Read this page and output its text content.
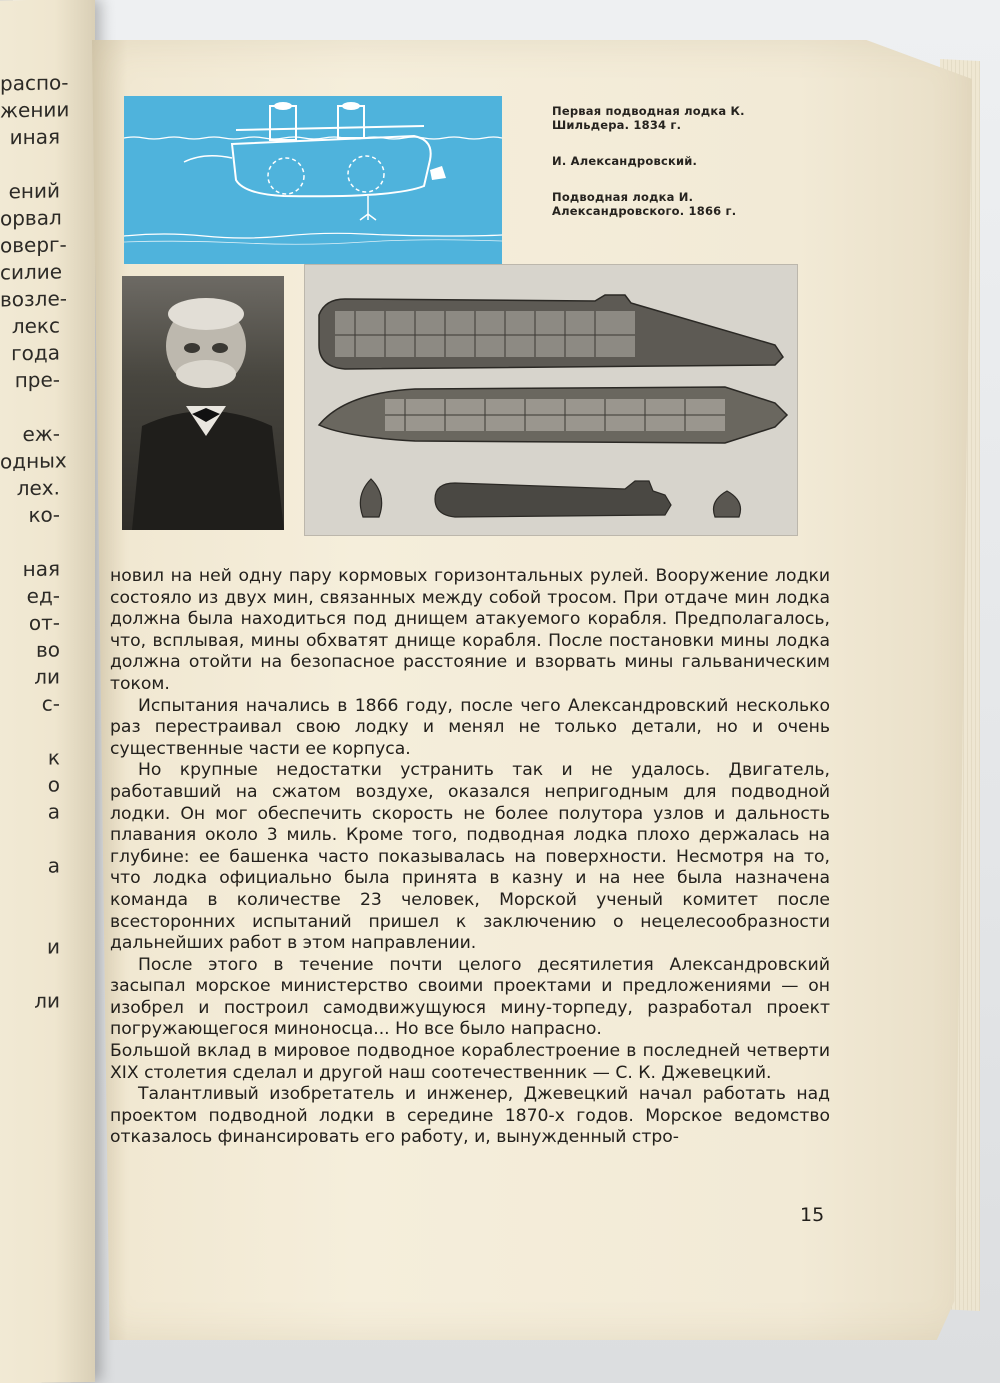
распо-
жении
иная

ений
орвал
оверг-
силие
возле-
лекс
года
пре-

еж-
одных
лех.
ко-

ная
ед-
от-
во
ли
с-

к
о
а

а

и

ли

Первая подводная лодка К. Шильдера. 1834 г.

И. Александровский.

Подводная лодка И. Александровского. 1866 г.

новил на ней одну пару кормовых горизонтальных рулей. Вооружение лодки состояло из двух мин, связанных между собой тросом. При отдаче мин лодка должна была находиться под днищем атакуемого корабля. Предполагалось, что, всплывая, мины обхватят днище корабля. После постановки мины лодка должна отойти на безопасное расстояние и взорвать мины гальваническим током.

Испытания начались в 1866 году, после чего Александровский несколько раз перестраивал свою лодку и менял не только детали, но и очень существенные части ее корпуса.

Но крупные недостатки устранить так и не удалось. Двигатель, работавший на сжатом воздухе, оказался непригодным для подводной лодки. Он мог обеспечить скорость не более полутора узлов и дальность плавания около 3 миль. Кроме того, подводная лодка плохо держалась на глубине: ее башенка часто показывалась на поверхности. Несмотря на то, что лодка официально была принята в казну и на нее была назначена команда в количестве 23 человек, Морской ученый комитет после всесторонних испытаний пришел к заключению о нецелесообразности дальнейших работ в этом направлении.

После этого в течение почти целого десятилетия Александровский засыпал морское министерство своими проектами и предложениями — он изобрел и построил самодвижущуюся мину-торпеду, разработал проект погружающегося миноносца... Но все было напрасно.

Большой вклад в мировое подводное кораблестроение в последней четверти XIX столетия сделал и другой наш соотечественник — С. К. Джевецкий.

Талантливый изобретатель и инженер, Джевецкий начал работать над проектом подводной лодки в середине 1870-х годов. Морское ведомство отказалось финансировать его работу, и, вынужденный стро-

15
